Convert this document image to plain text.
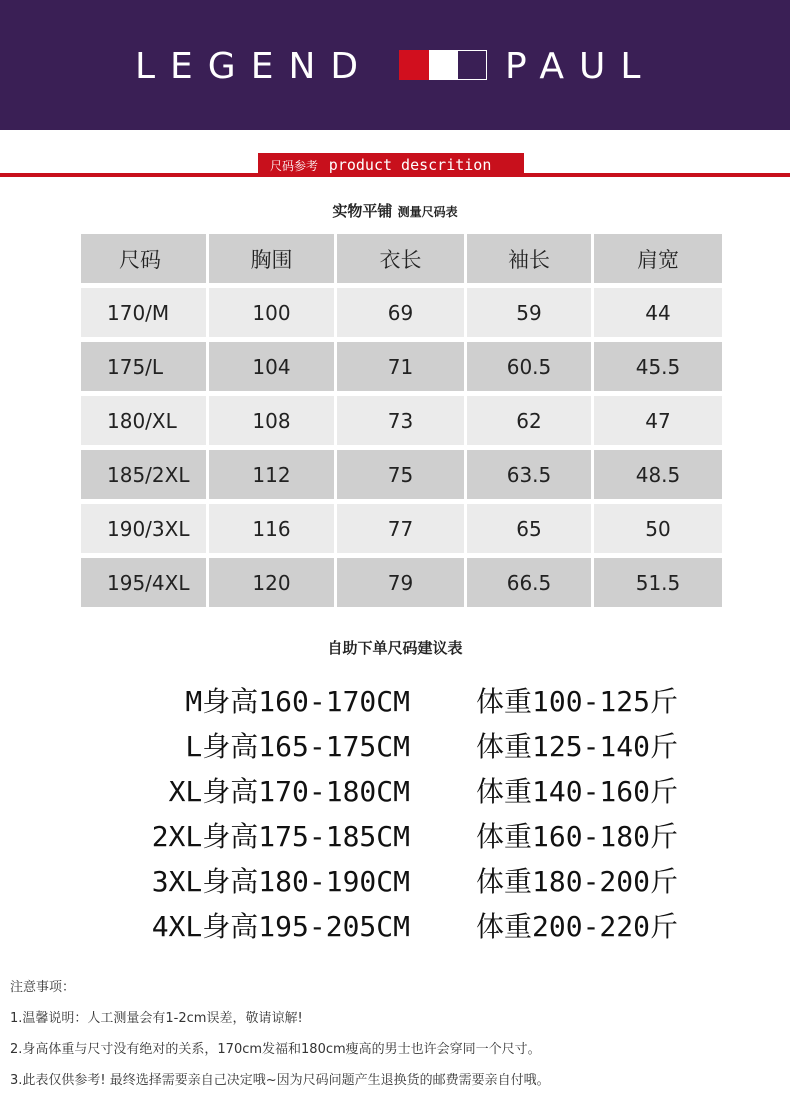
LEGEND	PAUL
尺码参考 product descrition
实物平铺 测量尺码表
尺码	胸围	衣长	袖长	肩宽
170/M	100	69	59	44
175/L	104	71	60.5	45.5
180/XL	108	73	62	47
185/2XL	112	75	63.5	48.5
190/3XL	116	77	65	50
195/4XL	120	79	66.5	51.5
自助下单尺码建议表
M身高160-170CM 体重100-125斤
L身高165-175CM 体重125-140斤
XL身高170-180CM 体重140-160斤
2XL身高175-185CM 体重160-180斤
3XL身高180-190CM 体重180-200斤
4XL身高195-205CM 体重200-220斤
注意事项：
1.温馨说明：人工测量会有1-2cm误差，敬请谅解!
2.身高体重与尺寸没有绝对的关系，170cm发福和180cm瘦高的男士也许会穿同一个尺寸。
3.此表仅供参考! 最终选择需要亲自己决定哦~因为尺码问题产生退换货的邮费需要亲自付哦。
